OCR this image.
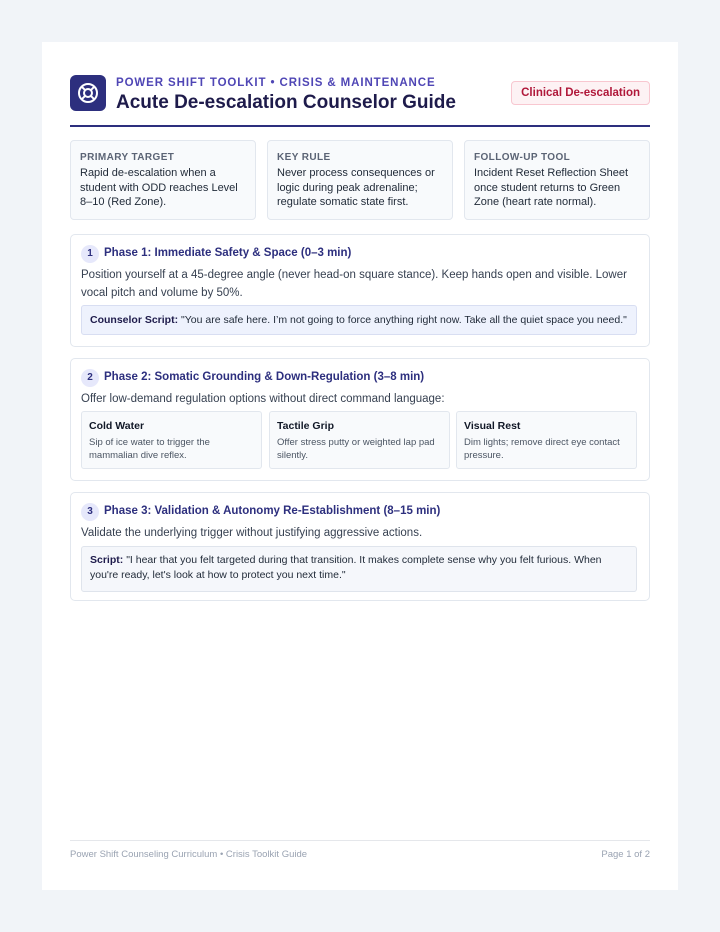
POWER SHIFT TOOLKIT • CRISIS & MAINTENANCE
Acute De-escalation Counselor Guide	Clinical De-escalation
PRIMARY TARGET
Rapid de-escalation when a student with ODD reaches Level 8–10 (Red Zone).
KEY RULE
Never process consequences or logic during peak adrenaline; regulate somatic state first.
FOLLOW-UP TOOL
Incident Reset Reflection Sheet once student returns to Green Zone (heart rate normal).
1 Phase 1: Immediate Safety & Space (0–3 min)
Position yourself at a 45-degree angle (never head-on square stance). Keep hands open and visible. Lower vocal pitch and volume by 50%.
Counselor Script: "You are safe here. I’m not going to force anything right now. Take all the quiet space you need."
2 Phase 2: Somatic Grounding & Down-Regulation (3–8 min)
Offer low-demand regulation options without direct command language:
Cold Water
Sip of ice water to trigger the mammalian dive reflex.
Tactile Grip
Offer stress putty or weighted lap pad silently.
Visual Rest
Dim lights; remove direct eye contact pressure.
3 Phase 3: Validation & Autonomy Re-Establishment (8–15 min)
Validate the underlying trigger without justifying aggressive actions.
Script: "I hear that you felt targeted during that transition. It makes complete sense why you felt furious. When you're ready, let's look at how to protect you next time."
Power Shift Counseling Curriculum • Crisis Toolkit Guide	Page 1 of 2
